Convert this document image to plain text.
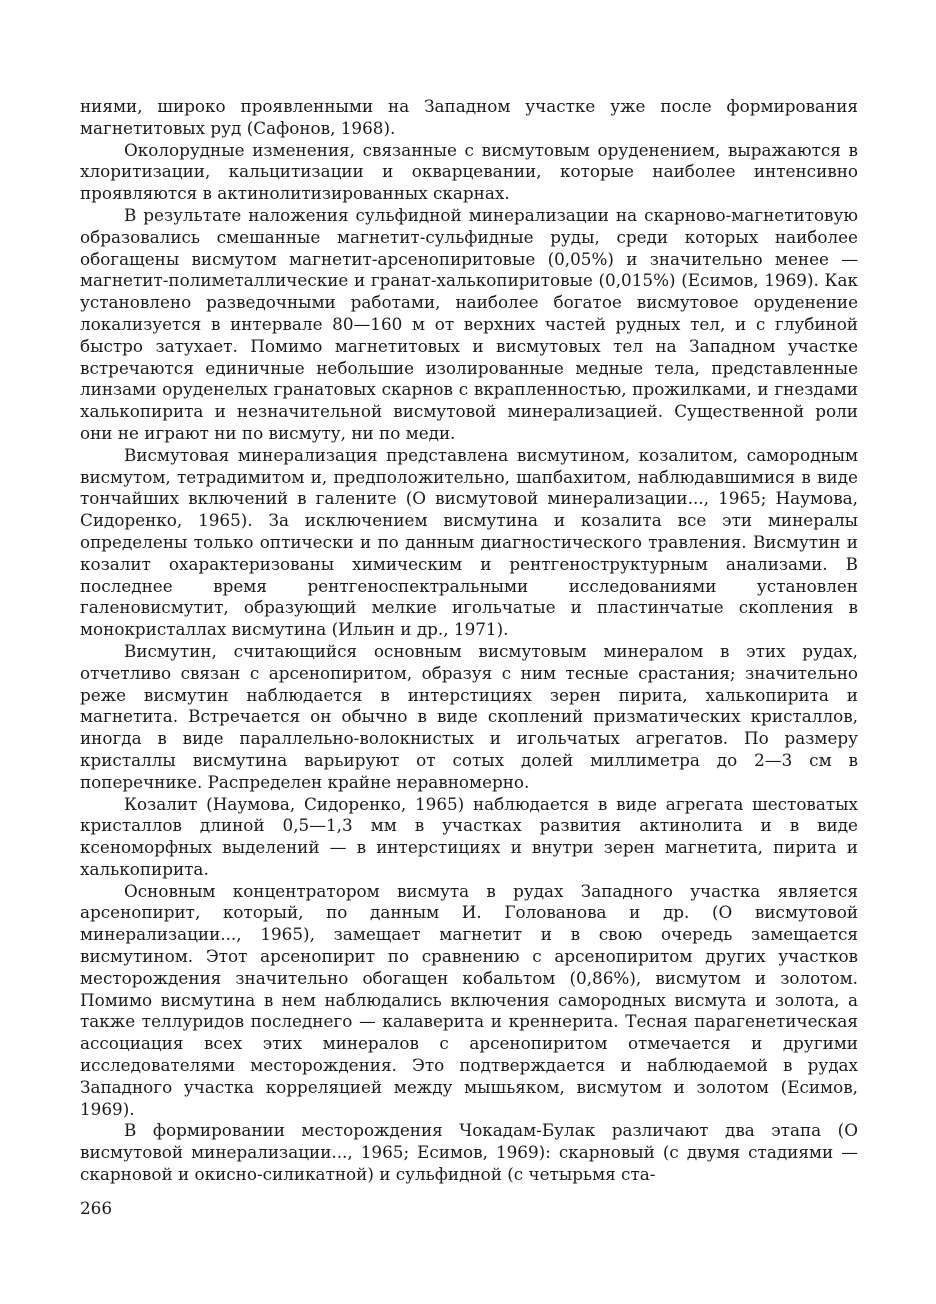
ниями, широко проявленными на Западном участке уже после формирования магнетитовых руд (Сафонов, 1968).

Околорудные изменения, связанные с висмутовым оруденением, выражаются в хлоритизации, кальцитизации и окварцевании, которые наиболее интенсивно проявляются в актинолитизированных скарнах.

В результате наложения сульфидной минерализации на скарново-магнетитовую образовались смешанные магнетит-сульфидные руды, среди которых наиболее обогащены висмутом магнетит-арсенопиритовые (0,05%) и значительно менее — магнетит-полиметаллические и гранат-халькопиритовые (0,015%) (Есимов, 1969). Как установлено разведочными работами, наиболее богатое висмутовое оруденение локализуется в интервале 80—160 м от верхних частей рудных тел, и с глубиной быстро затухает. Помимо магнетитовых и висмутовых тел на Западном участке встречаются единичные небольшие изолированные медные тела, представленные линзами оруденелых гранатовых скарнов с вкрапленностью, прожилками, и гнездами халькопирита и незначительной висмутовой минерализацией. Существенной роли они не играют ни по висмуту, ни по меди.

Висмутовая минерализация представлена висмутином, козалитом, самородным висмутом, тетрадимитом и, предположительно, шапбахитом, наблюдавшимися в виде тончайших включений в галените (О висмутовой минерализации..., 1965; Наумова, Сидоренко, 1965). За исключением висмутина и козалита все эти минералы определены только оптически и по данным диагностического травления. Висмутин и козалит охарактеризованы химическим и рентгеноструктурным анализами. В последнее время рентгеноспектральными исследованиями установлен галеновисмутит, образующий мелкие игольчатые и пластинчатые скопления в монокристаллах висмутина (Ильин и др., 1971).

Висмутин, считающийся основным висмутовым минералом в этих рудах, отчетливо связан с арсенопиритом, образуя с ним тесные срастания; значительно реже висмутин наблюдается в интерстициях зерен пирита, халькопирита и магнетита. Встречается он обычно в виде скоплений призматических кристаллов, иногда в виде параллельно-волокнистых и игольчатых агрегатов. По размеру кристаллы висмутина варьируют от сотых долей миллиметра до 2—3 см в поперечнике. Распределен крайне неравномерно.

Козалит (Наумова, Сидоренко, 1965) наблюдается в виде агрегата шестоватых кристаллов длиной 0,5—1,3 мм в участках развития актинолита и в виде ксеноморфных выделений — в интерстициях и внутри зерен магнетита, пирита и халькопирита.

Основным концентратором висмута в рудах Западного участка является арсенопирит, который, по данным И. Голованова и др. (О висмутовой минерализации..., 1965), замещает магнетит и в свою очередь замещается висмутином. Этот арсенопирит по сравнению с арсенопиритом других участков месторождения значительно обогащен кобальтом (0,86%), висмутом и золотом. Помимо висмутина в нем наблюдались включения самородных висмута и золота, а также теллуридов последнего — калаверита и креннерита. Тесная парагенетическая ассоциация всех этих минералов с арсенопиритом отмечается и другими исследователями месторождения. Это подтверждается и наблюдаемой в рудах Западного участка корреляцией между мышьяком, висмутом и золотом (Есимов, 1969).

В формировании месторождения Чокадам-Булак различают два этапа (О висмутовой минерализации..., 1965; Есимов, 1969): скарновый (с двумя стадиями — скарновой и окисно-силикатной) и сульфидной (с четырьмя ста-

266
